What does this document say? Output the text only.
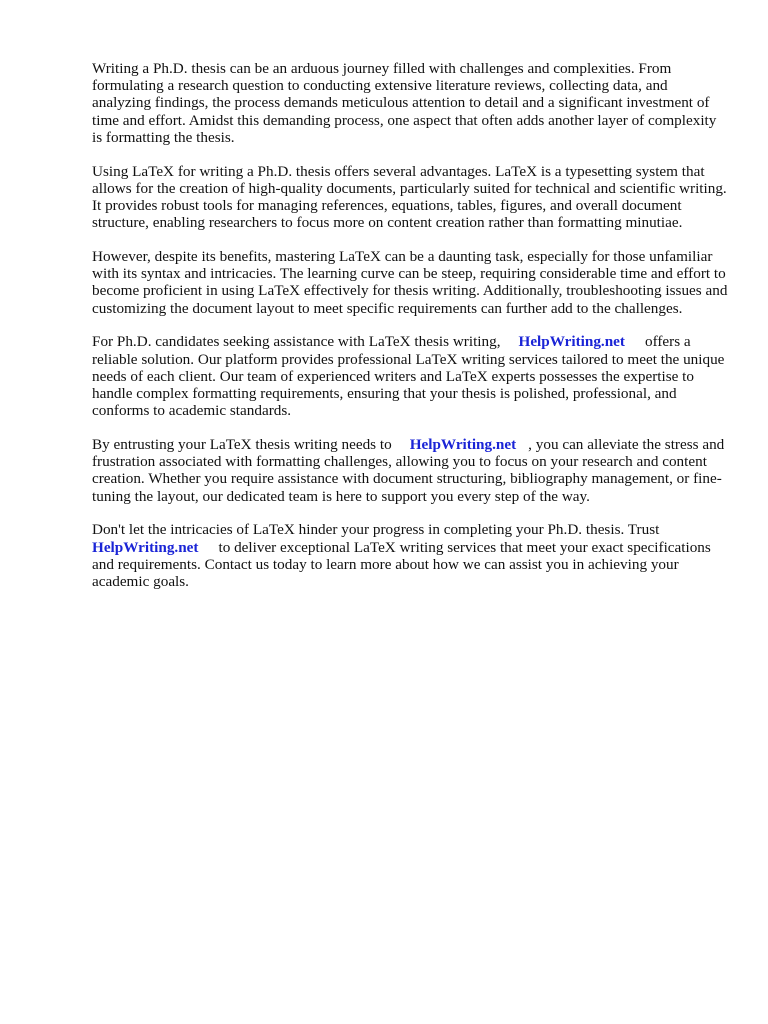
Writing a Ph.D. thesis can be an arduous journey filled with challenges and complexities. From formulating a research question to conducting extensive literature reviews, collecting data, and analyzing findings, the process demands meticulous attention to detail and a significant investment of time and effort. Amidst this demanding process, one aspect that often adds another layer of complexity is formatting the thesis.

Using LaTeX for writing a Ph.D. thesis offers several advantages. LaTeX is a typesetting system that allows for the creation of high-quality documents, particularly suited for technical and scientific writing. It provides robust tools for managing references, equations, tables, figures, and overall document structure, enabling researchers to focus more on content creation rather than formatting minutiae.

However, despite its benefits, mastering LaTeX can be a daunting task, especially for those unfamiliar with its syntax and intricacies. The learning curve can be steep, requiring considerable time and effort to become proficient in using LaTeX effectively for thesis writing. Additionally, troubleshooting issues and customizing the document layout to meet specific requirements can further add to the challenges.

For Ph.D. candidates seeking assistance with LaTeX thesis writing, HelpWriting.net offers a reliable solution. Our platform provides professional LaTeX writing services tailored to meet the unique needs of each client. Our team of experienced writers and LaTeX experts possesses the expertise to handle complex formatting requirements, ensuring that your thesis is polished, professional, and conforms to academic standards.

By entrusting your LaTeX thesis writing needs to HelpWriting.net , you can alleviate the stress and frustration associated with formatting challenges, allowing you to focus on your research and content creation. Whether you require assistance with document structuring, bibliography management, or fine-tuning the layout, our dedicated team is here to support you every step of the way.

Don't let the intricacies of LaTeX hinder your progress in completing your Ph.D. thesis. Trust HelpWriting.net to deliver exceptional LaTeX writing services that meet your exact specifications and requirements. Contact us today to learn more about how we can assist you in achieving your academic goals.
